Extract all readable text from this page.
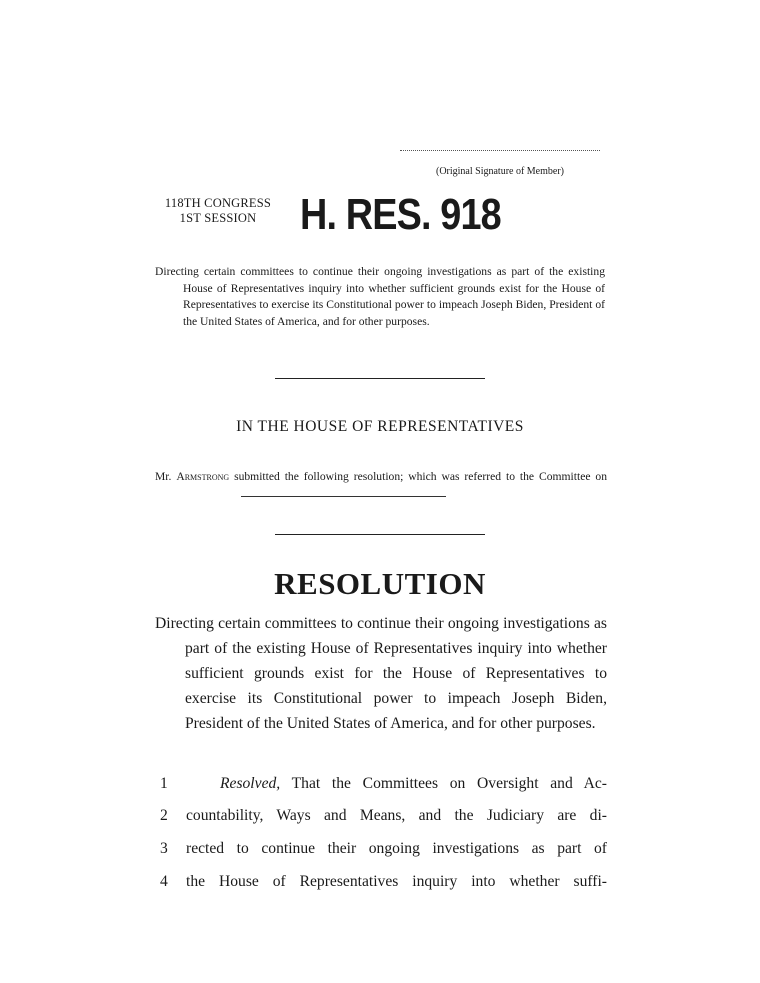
(Original Signature of Member)
118TH CONGRESS
1ST SESSION H. RES. 918
Directing certain committees to continue their ongoing investigations as part of the existing House of Representatives inquiry into whether sufficient grounds exist for the House of Representatives to exercise its Constitutional power to impeach Joseph Biden, President of the United States of America, and for other purposes.
IN THE HOUSE OF REPRESENTATIVES
Mr. Armstrong submitted the following resolution; which was referred to the Committee on
RESOLUTION
Directing certain committees to continue their ongoing investigations as part of the existing House of Representatives inquiry into whether sufficient grounds exist for the House of Representatives to exercise its Constitutional power to impeach Joseph Biden, President of the United States of America, and for other purposes.
1	Resolved, That the Committees on Oversight and Ac-
2 countability, Ways and Means, and the Judiciary are di-
3 rected to continue their ongoing investigations as part of
4 the House of Representatives inquiry into whether suffi-
